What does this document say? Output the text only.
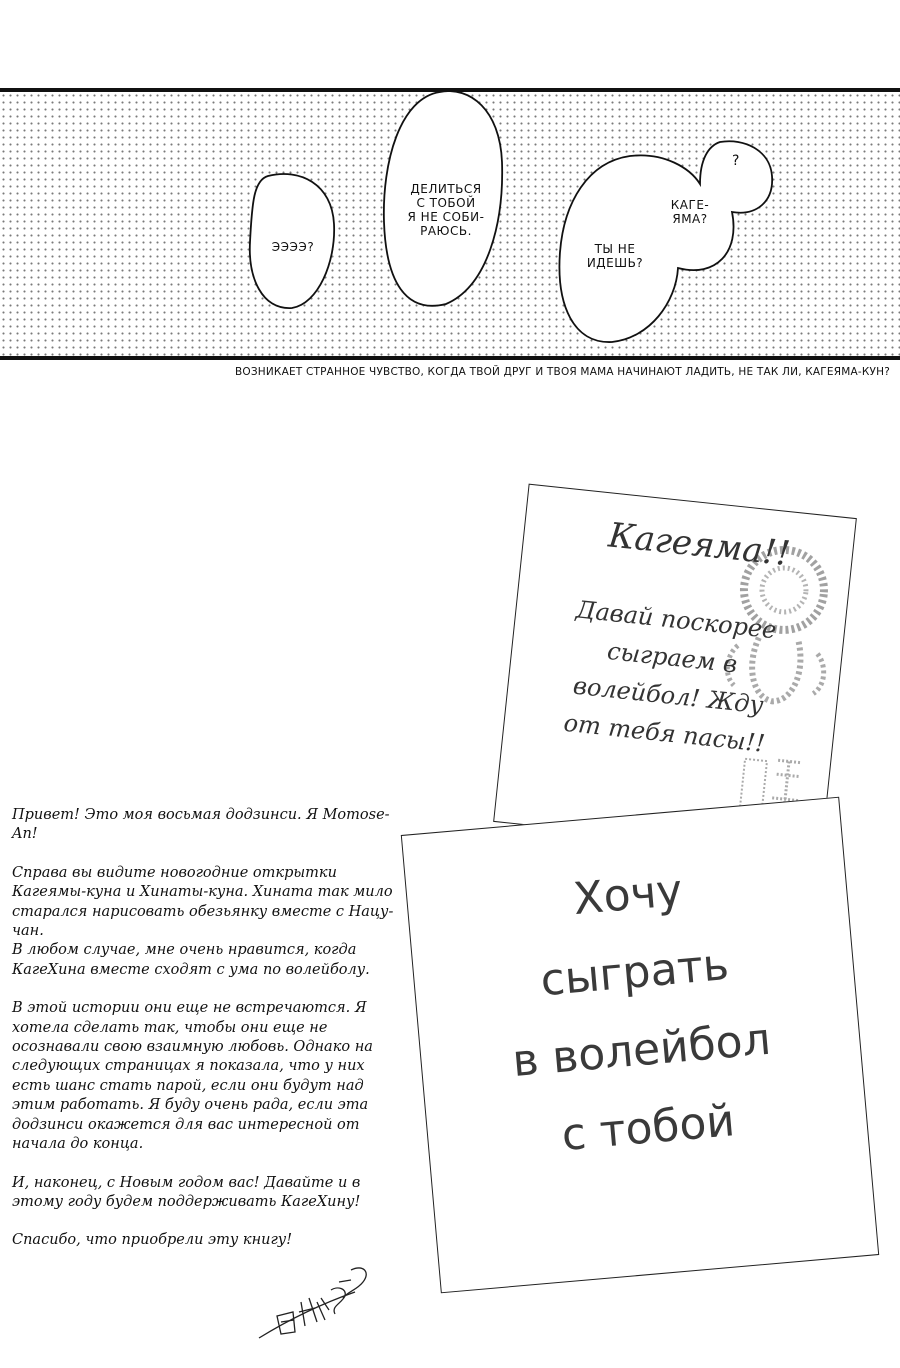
ЭЭЭЭ?
ДЕЛИТЬСЯ
С ТОБОЙ
Я НЕ СОБИ-
РАЮСЬ.
ТЫ НЕ
ИДЕШЬ?
КАГЕ-
ЯМА?
?
ВОЗНИКАЕТ СТРАННОЕ ЧУВСТВО, КОГДА ТВОЙ ДРУГ И ТВОЯ МАМА НАЧИНАЮТ ЛАДИТЬ, НЕ ТАК ЛИ, КАГЕЯМА-КУН?
Кагеяма!!
Давай поскорее
сыграем в
волейбол! Жду
от тебя пасы!!
Хочу
сыграть
в волейбол
с тобой

Привет! Это моя восьмая додзинси. Я Momose-An!

Справа вы видите новогодние открытки Кагеямы-куна и Хинаты-куна. Хината так мило старался нарисовать обезьянку вместе с Нацу-чан.
В любом случае, мне очень нравится, когда КагеХина вместе сходят с ума по волейболу.

В этой истории они еще не встречаются. Я хотела сделать так, чтобы они еще не осознавали свою взаимную любовь. Однако на следующих страницах я показала, что у них есть шанс стать парой, если они будут над этим работать. Я буду очень рада, если эта додзинси окажется для вас интересной от начала до конца.

И, наконец, с Новым годом вас! Давайте и в этому году будем поддерживать КагеХину!

Спасибо, что приобрели эту книгу!
